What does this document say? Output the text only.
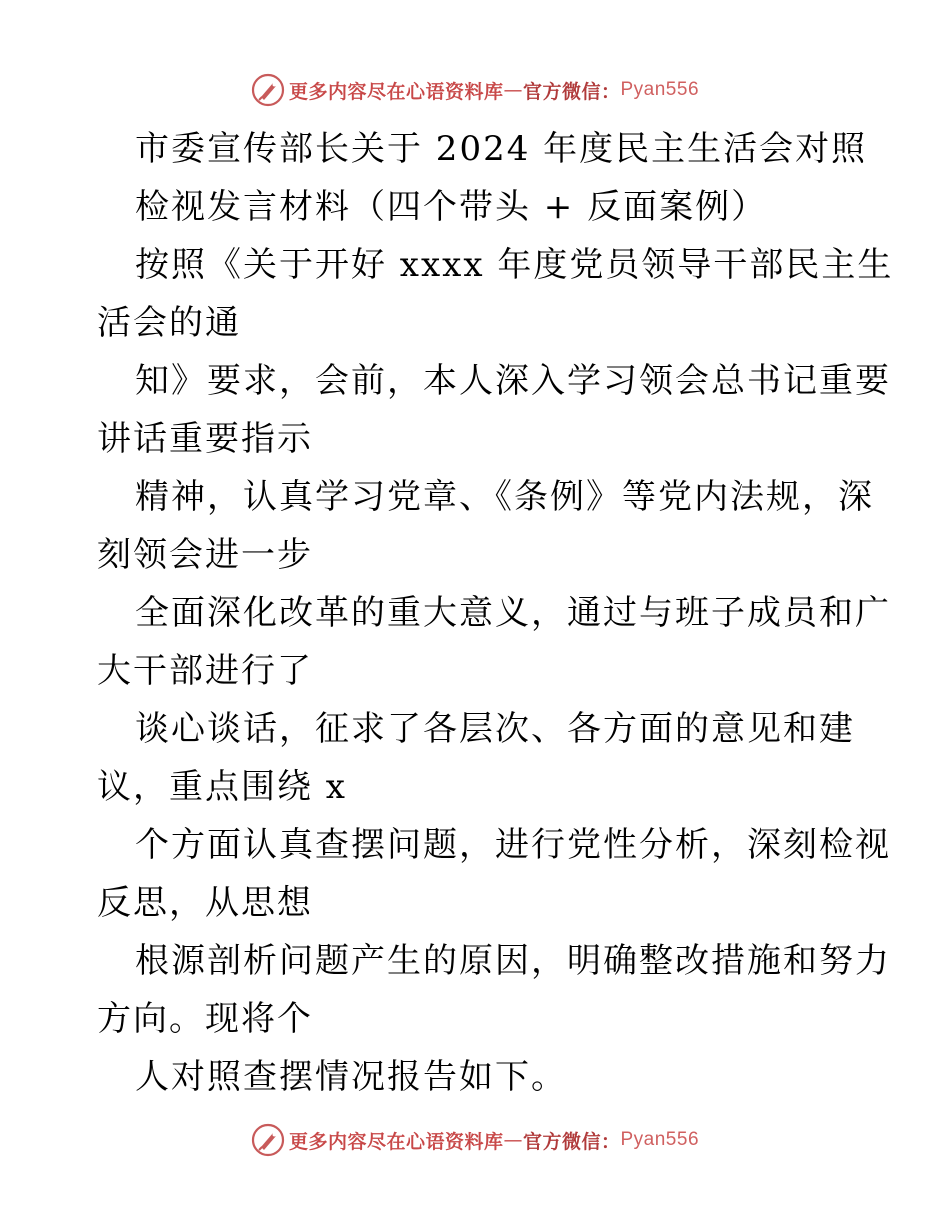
更多内容尽在心语资料库 — 官方微信： Pyan556
市委宣传部长关于 2024 年度民主生活会对照
检视发言材料（四个带头 + 反面案例）
按照《关于开好 xxxx 年度党员领导干部民主生
活会的通
知》要求，会前，本人深入学习领会总书记重要
讲话重要指示
精神，认真学习党章、《条例》等党内法规，深
刻领会进一步
全面深化改革的重大意义，通过与班子成员和广
大干部进行了
谈心谈话，征求了各层次、各方面的意见和建
议，重点围绕 x
个方面认真查摆问题，进行党性分析，深刻检视
反思，从思想
根源剖析问题产生的原因，明确整改措施和努力
方向。现将个
人对照查摆情况报告如下。
更多内容尽在心语资料库 — 官方微信： Pyan556
